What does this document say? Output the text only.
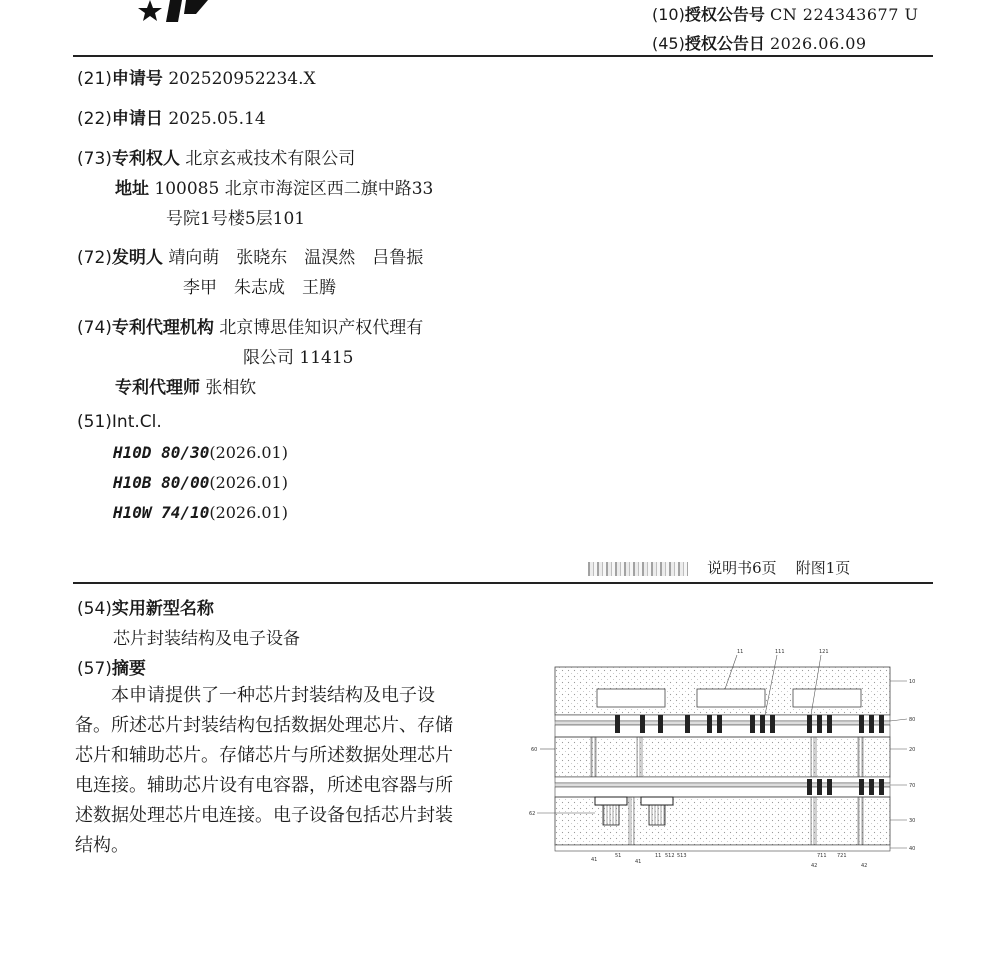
(10)授权公告号 CN 224343677 U
(45)授权公告日 2026.06.09
(21)申请号 202520952234.X
(22)申请日 2025.05.14
(73)专利权人 北京玄戒技术有限公司
地址 100085 北京市海淀区西二旗中路33
号院1号楼5层101
(72)发明人 靖向萌　张晓东　温湨然　吕鲁振
李甲　朱志成　王腾
(74)专利代理机构 北京博思佳知识产权代理有
限公司 11415
专利代理师 张相钦
(51)Int.Cl.
H10D 80/30(2026.01)
H10B 80/00(2026.01)
H10W 74/10(2026.01)
说明书6页 附图1页
(54)实用新型名称
芯片封装结构及电子设备
(57)摘要

　　本申请提供了一种芯片封装结构及电子设

备。所述芯片封装结构包括数据处理芯片、存储

芯片和辅助芯片。存储芯片与所述数据处理芯片

电连接。辅助芯片设有电容器，所述电容器与所

述数据处理芯片电连接。电子设备包括芯片封装

结构。

11	111	121
10
80
20
70
30
40
60
62
41
51
41
11 512 513	711 721
42	42
